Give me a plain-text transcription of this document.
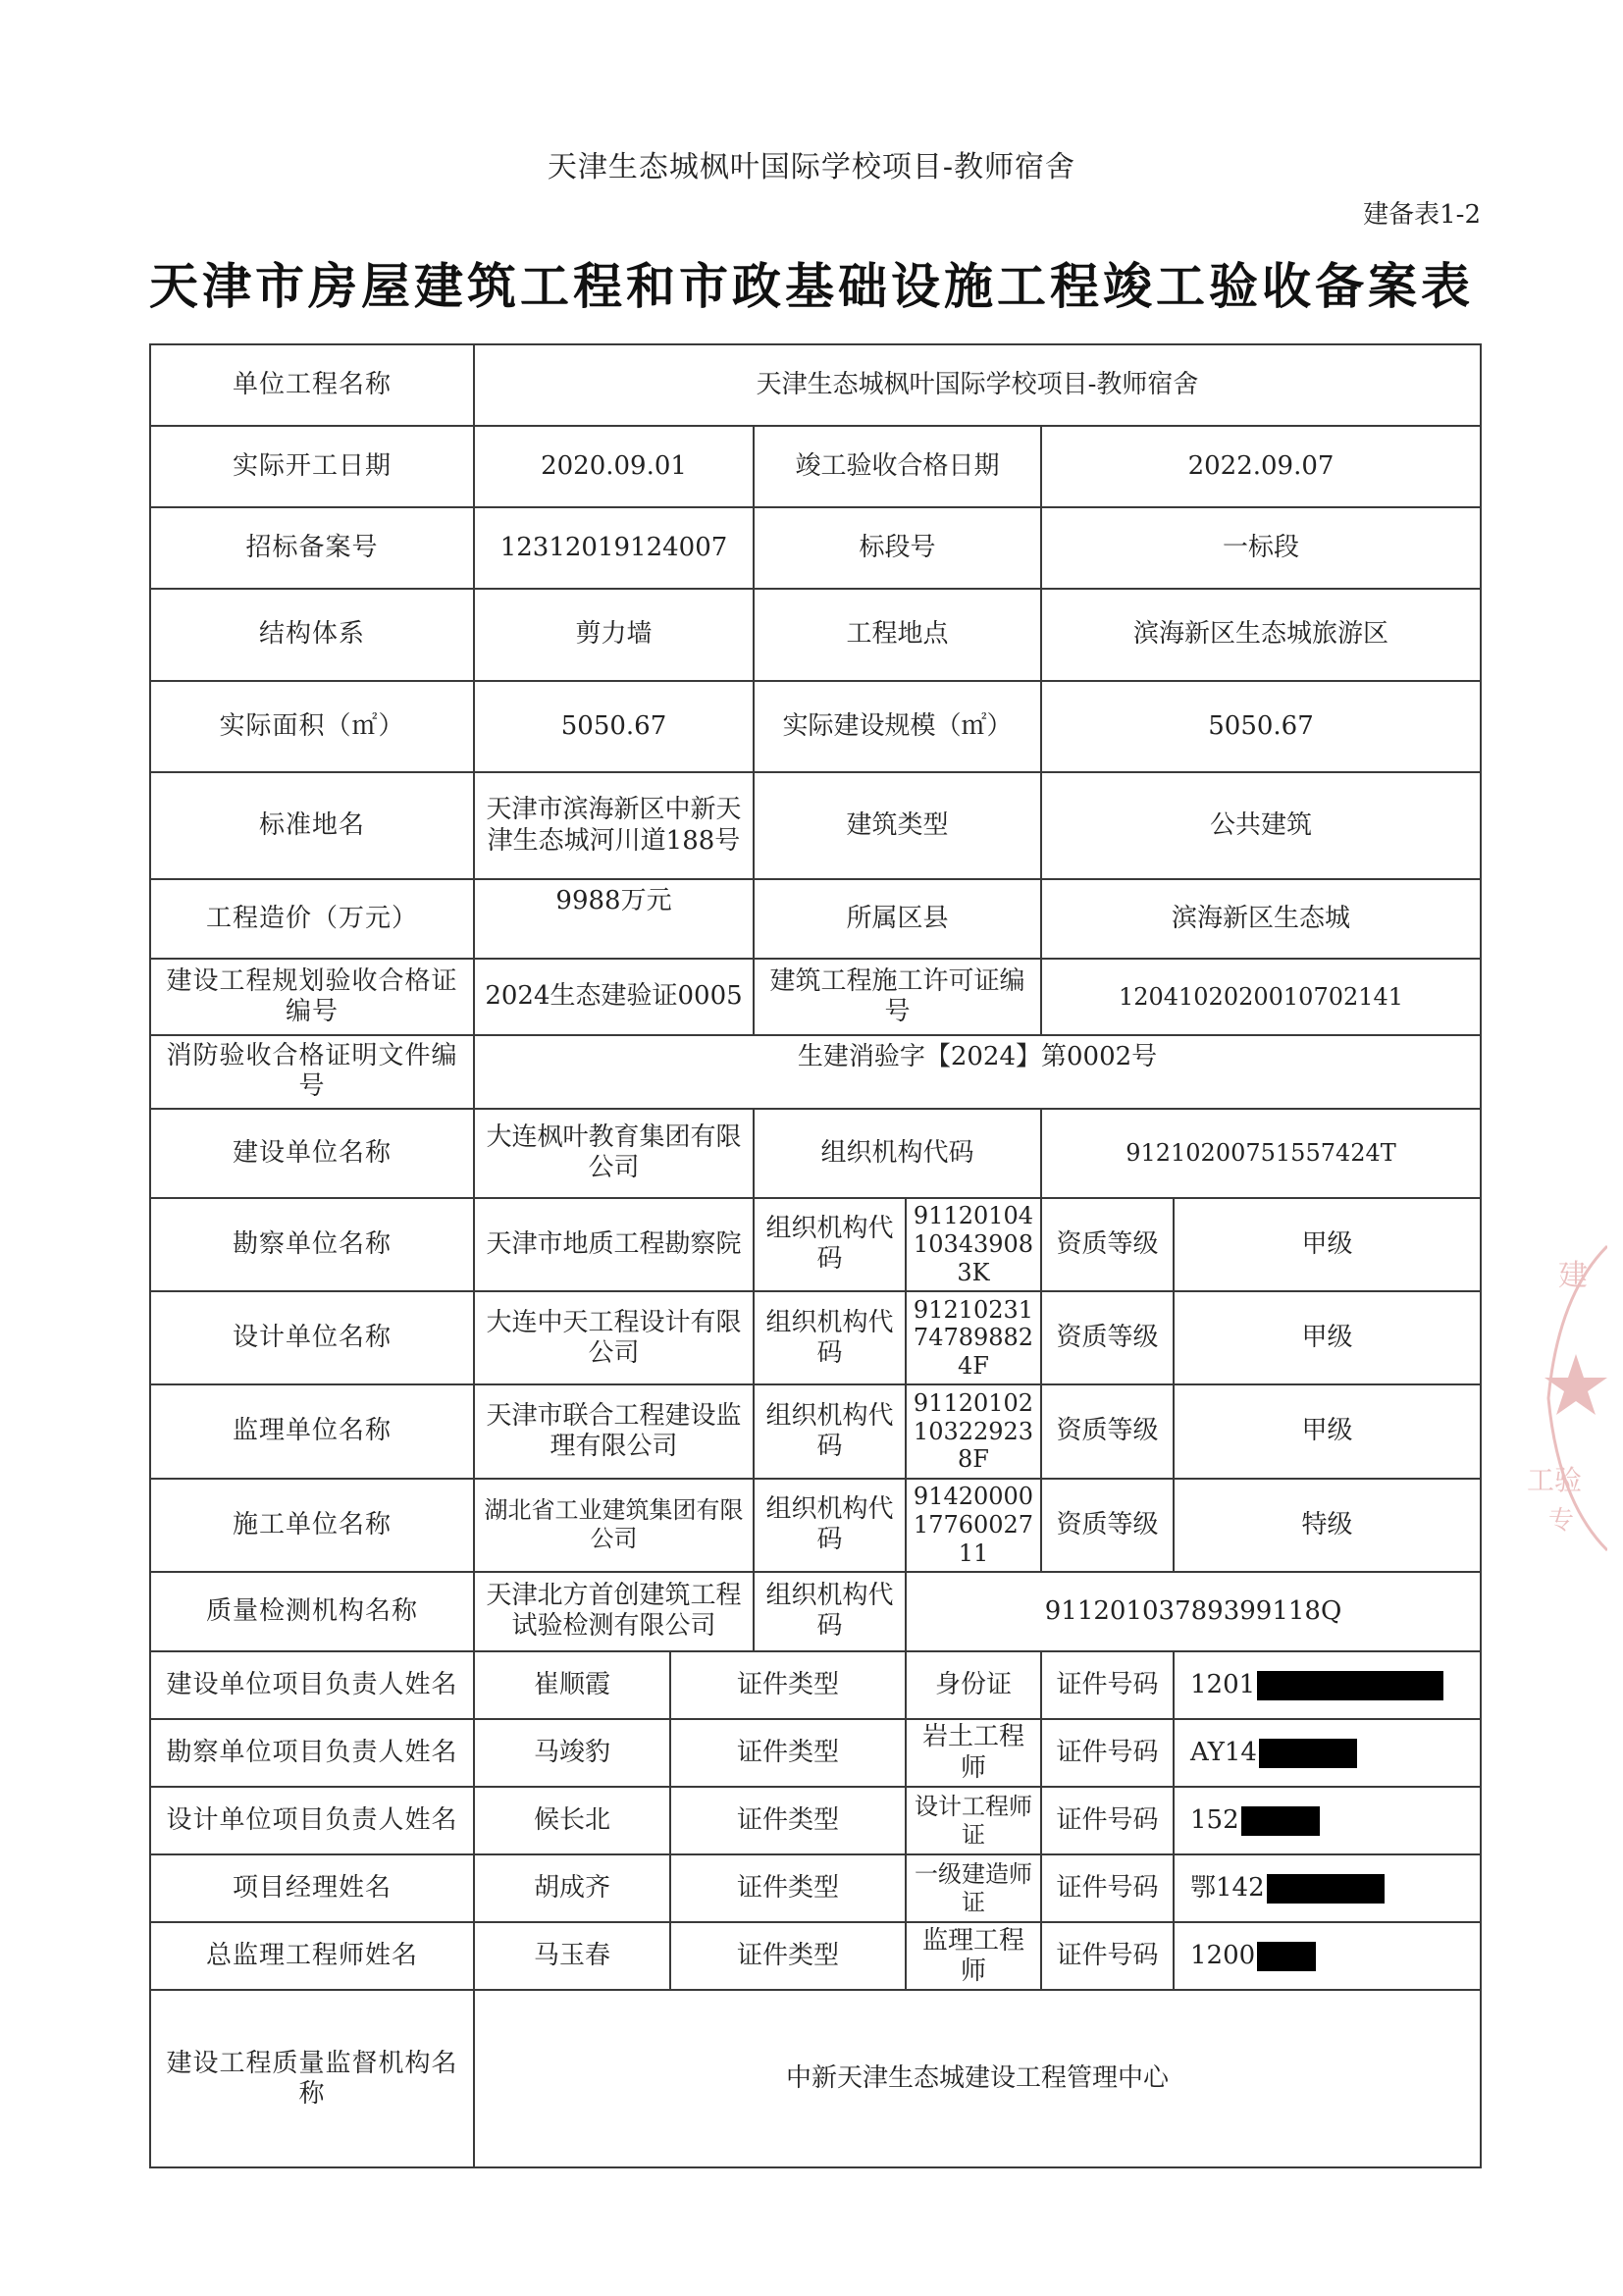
天津生态城枫叶国际学校项目-教师宿舍
建备表1-2
天津市房屋建筑工程和市政基础设施工程竣工验收备案表
单位工程名称	天津生态城枫叶国际学校项目-教师宿舍					
实际开工日期	2020.09.01		竣工验收合格日期		2022.09.07	
招标备案号	12312019124007		标段号		一标段	
结构体系	剪力墙		工程地点		滨海新区生态城旅游区	
实际面积（㎡）	5050.67		实际建设规模（㎡）		5050.67	
标准地名	天津市滨海新区中新天津生态城河川道188号		建筑类型		公共建筑	
工程造价（万元）	9988万元		所属区县		滨海新区生态城	
建设工程规划验收合格证编号	2024生态建验证0005		建筑工程施工许可证编号		120410202001070214​1	
消防验收合格证明文件编号	生建消验字【2024】第0002号					
建设单位名称	大连枫叶教育集团有限公司		组织机构代码		91210200751557424T	
勘察单位名称	天津市地质工程勘察院		组织机构代码	91120104103439083K	资质等级	甲级
设计单位名称	大连中天工程设计有限公司		组织机构代码	91210231747898824F	资质等级	甲级
监理单位名称	天津市联合工程建设监理有限公司		组织机构代码	91120102103229238F	资质等级	甲级
施工单位名称	湖北省工业建筑集团有限公司		组织机构代码	914200001776002711	资质等级	特级
质量检测机构名称	天津北方首创建筑工程试验检测有限公司		组织机构代码	91120103789399118Q		
建设单位项目负责人姓名	崔顺霞	证件类型		身份证	证件号码	1201
勘察单位项目负责人姓名	马竣豹	证件类型		岩土工程师	证件号码	AY14
设计单位项目负责人姓名	候长北	证件类型		设计工程师证	证件号码	152
项目经理姓名	胡成齐	证件类型		一级建造师证	证件号码	鄂142
总监理工程师姓名	马玉春	证件类型		监理工程师	证件号码	1200
建设工程质量监督机构名称	中新天津生态城建设工程管理中心					
建
工验
专
